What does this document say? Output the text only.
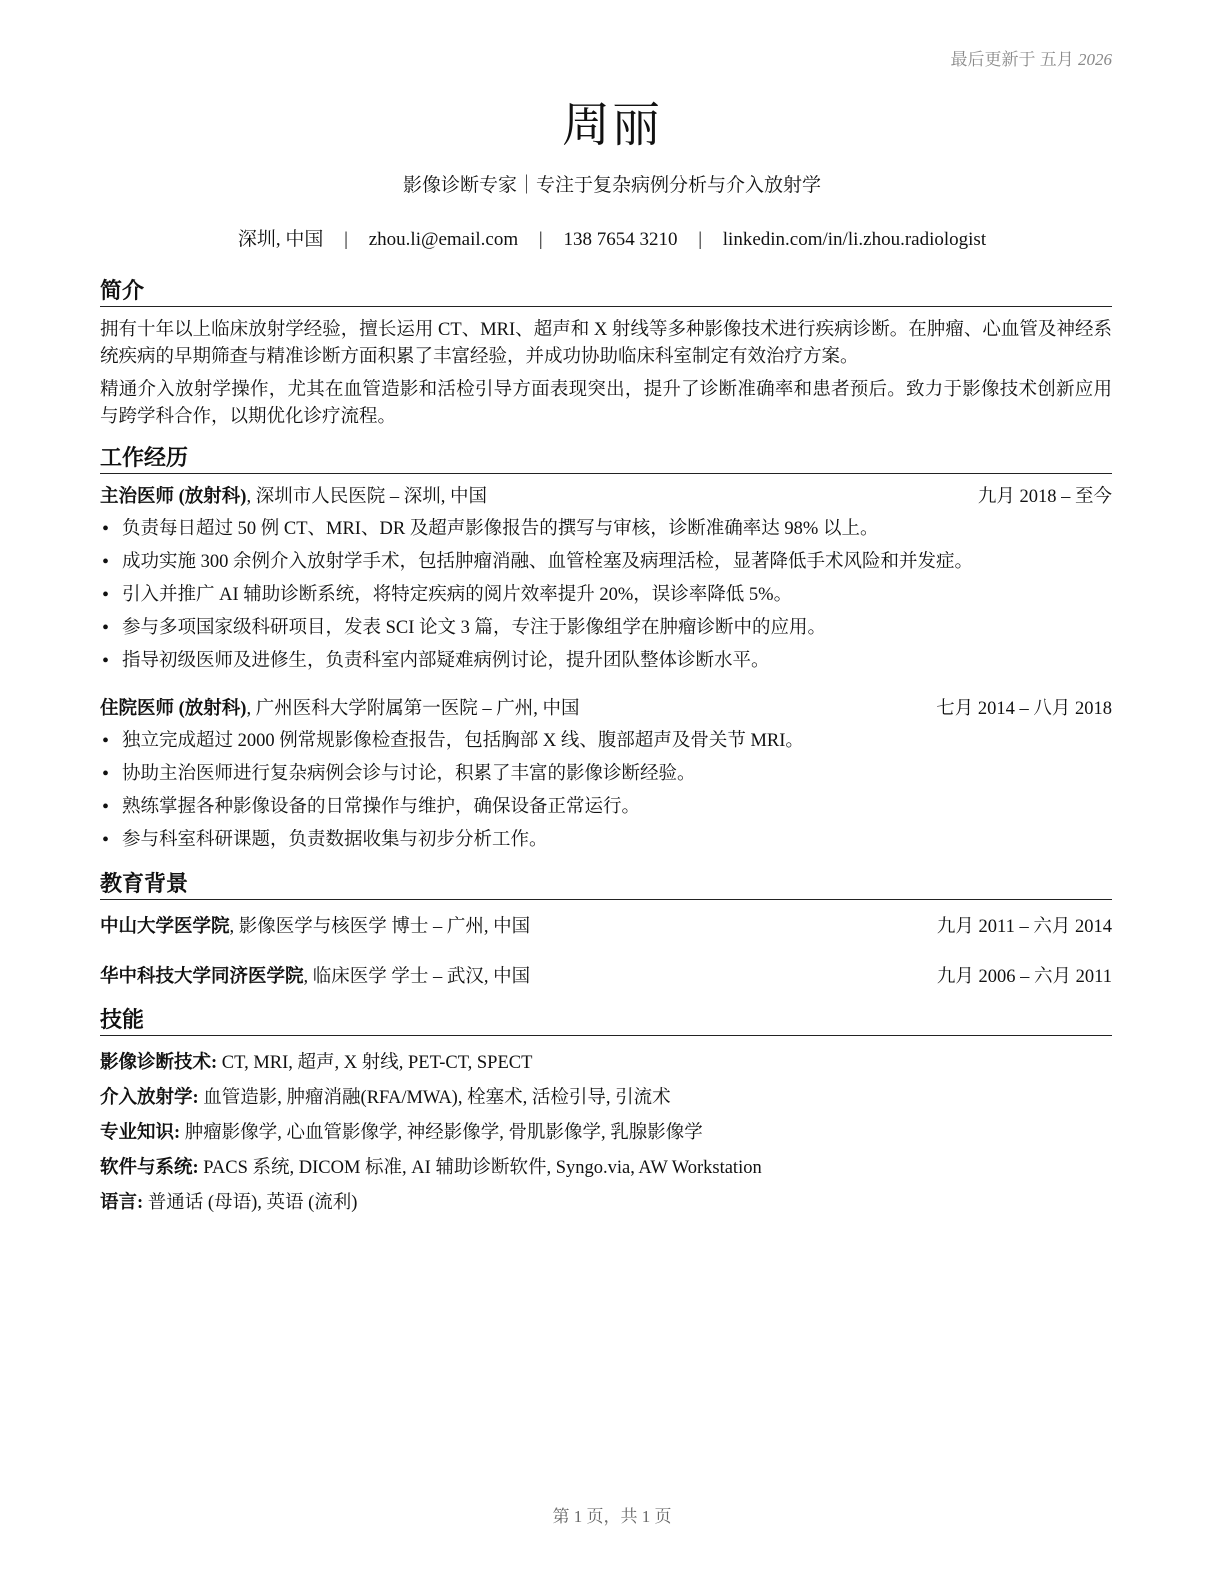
最后更新于 五月 2026
周丽
影像诊断专家｜专注于复杂病例分析与介入放射学
深圳, 中国 | zhou.li@email.com | 138 7654 3210 | linkedin.com/in/li.zhou.radiologist
简介

拥有十年以上临床放射学经验，擅长运用 CT、MRI、超声和 X 射线等多种影像技术进行疾病诊断。在肿瘤、心血管及神经系统疾病的早期筛查与精准诊断方面积累了丰富经验，并成功协助临床科室制定有效治疗方案。

精通介入放射学操作，尤其在血管造影和活检引导方面表现突出，提升了诊断准确率和患者预后。致力于影像技术创新应用与跨学科合作，以期优化诊疗流程。

工作经历
主治医师 (放射科), 深圳市人民医院 – 深圳, 中国	九月 2018 – 至今
• 负责每日超过 50 例 CT、MRI、DR 及超声影像报告的撰写与审核，诊断准确率达 98% 以上。
• 成功实施 300 余例介入放射学手术，包括肿瘤消融、血管栓塞及病理活检，显著降低手术风险和并发症。
• 引入并推广 AI 辅助诊断系统，将特定疾病的阅片效率提升 20%，误诊率降低 5%。
• 参与多项国家级科研项目，发表 SCI 论文 3 篇，专注于影像组学在肿瘤诊断中的应用。
• 指导初级医师及进修生，负责科室内部疑难病例讨论，提升团队整体诊断水平。
住院医师 (放射科), 广州医科大学附属第一医院 – 广州, 中国	七月 2014 – 八月 2018
• 独立完成超过 2000 例常规影像检查报告，包括胸部 X 线、腹部超声及骨关节 MRI。
• 协助主治医师进行复杂病例会诊与讨论，积累了丰富的影像诊断经验。
• 熟练掌握各种影像设备的日常操作与维护，确保设备正常运行。
• 参与科室科研课题，负责数据收集与初步分析工作。
教育背景
中山大学医学院, 影像医学与核医学 博士 – 广州, 中国	九月 2011 – 六月 2014
华中科技大学同济医学院, 临床医学 学士 – 武汉, 中国	九月 2006 – 六月 2011
技能
影像诊断技术: CT, MRI, 超声, X 射线, PET-CT, SPECT
介入放射学: 血管造影, 肿瘤消融(RFA/MWA), 栓塞术, 活检引导, 引流术
专业知识: 肿瘤影像学, 心血管影像学, 神经影像学, 骨肌影像学, 乳腺影像学
软件与系统: PACS 系统, DICOM 标准, AI 辅助诊断软件, Syngo.via, AW Workstation
语言: 普通话 (母语), 英语 (流利)
第 1 页，共 1 页
